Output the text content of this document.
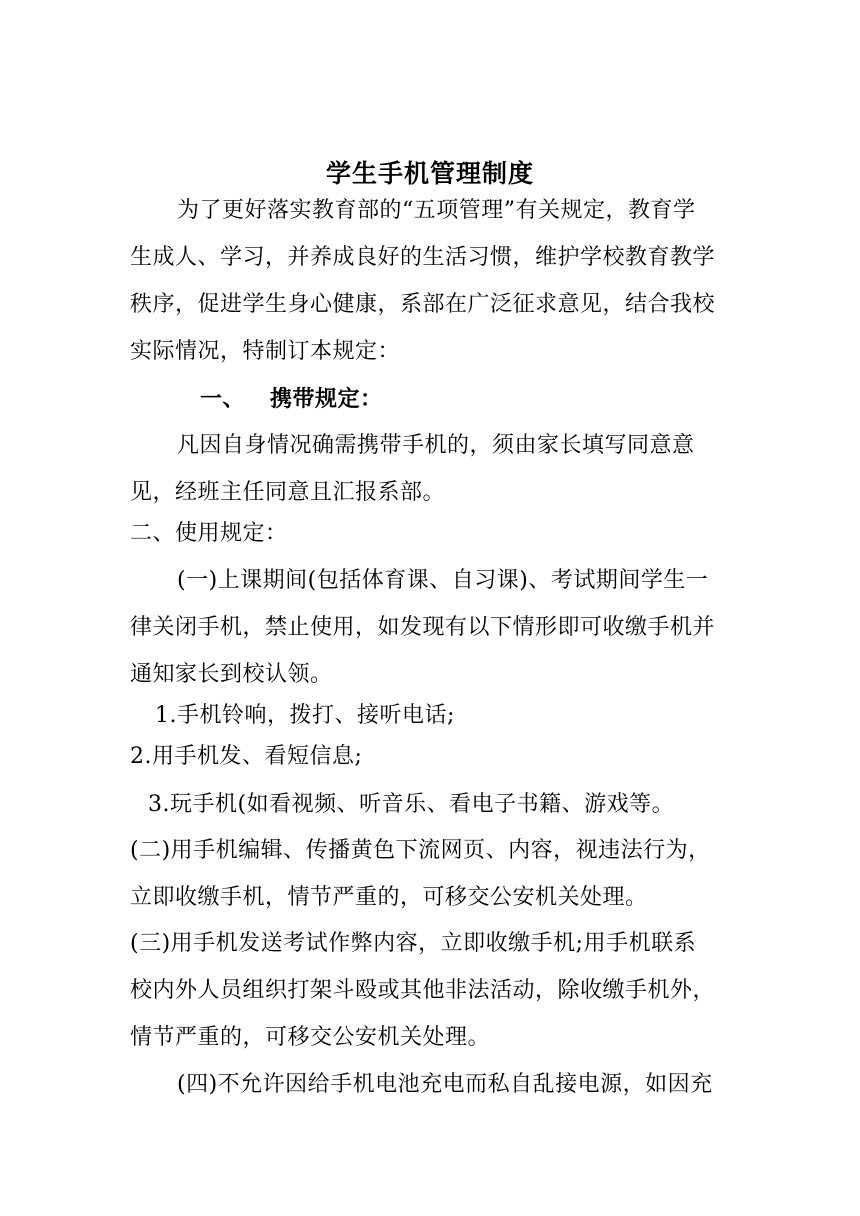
学生手机管理制度
为了更好落实教育部的“五项管理”有关规定，教育学
生成人、学习，并养成良好的生活习惯，维护学校教育教学
秩序，促进学生身心健康，系部在广泛征求意见，结合我校
实际情况，特制订本规定：
一、 携带规定：
凡因自身情况确需携带手机的，须由家长填写同意意
见，经班主任同意且汇报系部。
二、使用规定：
(一)上课期间(包括体育课、自习课)、考试期间学生一
律关闭手机，禁止使用，如发现有以下情形即可收缴手机并
通知家长到校认领。
1.手机铃响，拨打、接听电话;
2.用手机发、看短信息;
3.玩手机(如看视频、听音乐、看电子书籍、游戏等。
(二)用手机编辑、传播黄色下流网页、内容，视违法行为，
立即收缴手机，情节严重的，可移交公安机关处理。
(三)用手机发送考试作弊内容，立即收缴手机;用手机联系
校内外人员组织打架斗殴或其他非法活动，除收缴手机外，
情节严重的，可移交公安机关处理。
(四)不允许因给手机电池充电而私自乱接电源，如因充
